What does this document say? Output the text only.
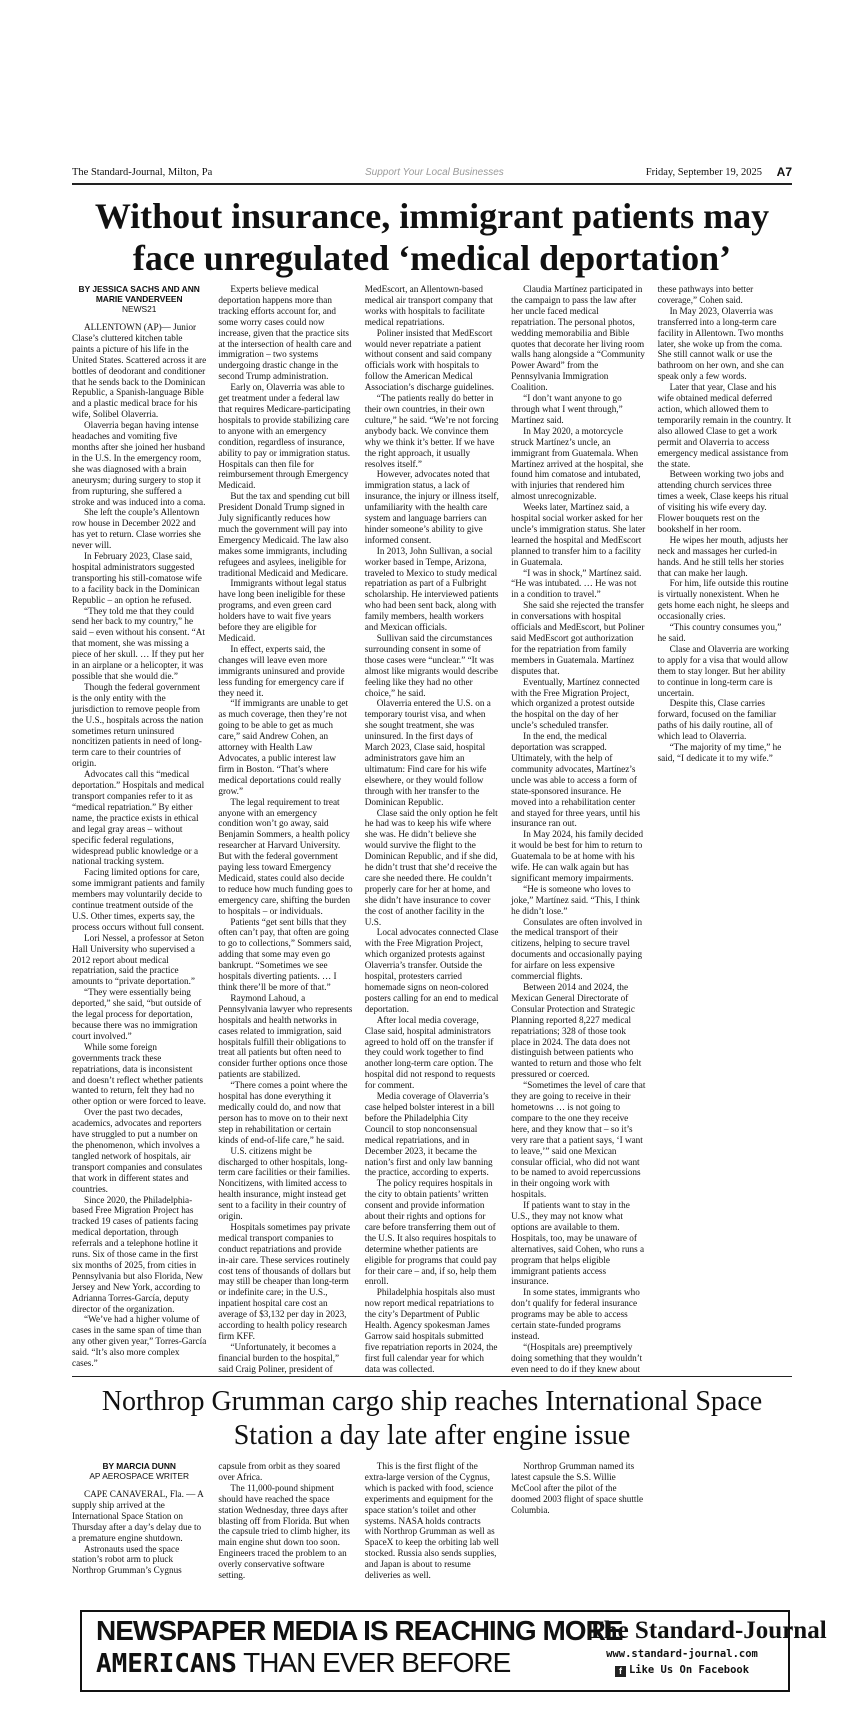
The Standard-Journal, Milton, Pa	Support Your Local Businesses	Friday, September 19, 2025 A7
Without insurance, immigrant patients may face unregulated ‘medical deportation’
BY JESSICA SACHS AND ANN MARIE VANDERVEEN
NEWS21

ALLENTOWN (AP)— Junior Clase’s cluttered kitchen table paints a picture of his life in the United States. Scattered across it are bottles of deodorant and conditioner that he sends back to the Dominican Republic, a Spanish-language Bible and a plastic medical brace for his wife, Solibel Olaverria.

Olaverria began having intense headaches and vomiting five months after she joined her husband in the U.S. In the emergency room, she was diagnosed with a brain aneurysm; during surgery to stop it from rupturing, she suffered a stroke and was induced into a coma.

She left the couple’s Allentown row house in December 2022 and has yet to return. Clase worries she never will.

In February 2023, Clase said, hospital administrators suggested transporting his still-comatose wife to a facility back in the Dominican Republic – an option he refused.

“They told me that they could send her back to my country,” he said – even without his consent. “At that moment, she was missing a piece of her skull. … If they put her in an airplane or a helicopter, it was possible that she would die.”

Though the federal government is the only entity with the jurisdiction to remove people from the U.S., hospitals across the nation sometimes return uninsured noncitizen patients in need of long-term care to their countries of origin.

Advocates call this “medical deportation.” Hospitals and medical transport companies refer to it as “medical repatriation.” By either name, the practice exists in ethical and legal gray areas – without specific federal regulations, widespread public knowledge or a national tracking system.

Facing limited options for care, some immigrant patients and family members may voluntarily decide to continue treatment outside of the U.S. Other times, experts say, the process occurs without full consent.

Lori Nessel, a professor at Seton Hall University who supervised a 2012 report about medical repatriation, said the practice amounts to “private deportation.”

“They were essentially being deported,” she said, “but outside of the legal process for deportation, because there was no immigration court involved.”

While some foreign governments track these repatriations, data is inconsistent and doesn’t reflect whether patients wanted to return, felt they had no other option or were forced to leave.

Over the past two decades, academics, advocates and reporters have struggled to put a number on the phenomenon, which involves a tangled network of hospitals, air transport companies and consulates that work in different states and countries.

Since 2020, the Philadelphia-based Free Migration Project has tracked 19 cases of patients facing medical deportation, through referrals and a telephone hotline it runs. Six of those came in the first six months of 2025, from cities in Pennsylvania but also Florida, New Jersey and New York, according to Adrianna Torres-García, deputy director of the organization.

“We’ve had a higher volume of cases in the same span of time than any other given year,” Torres-García said. “It’s also more complex cases.”

Experts believe medical deportation happens more than tracking efforts account for, and some worry cases could now increase, given that the practice sits at the intersection of health care and immigration – two systems undergoing drastic change in the second Trump administration.

Early on, Olaverria was able to get treatment under a federal law that requires Medicare-participating hospitals to provide stabilizing care to anyone with an emergency condition, regardless of insurance, ability to pay or immigration status. Hospitals can then file for reimbursement through Emergency Medicaid.

But the tax and spending cut bill President Donald Trump signed in July significantly reduces how much the government will pay into Emergency Medicaid. The law also makes some immigrants, including refugees and asylees, ineligible for traditional Medicaid and Medicare.

Immigrants without legal status have long been ineligible for these programs, and even green card holders have to wait five years before they are eligible for Medicaid.

In effect, experts said, the changes will leave even more immigrants uninsured and provide less funding for emergency care if they need it.

“If immigrants are unable to get as much coverage, then they’re not going to be able to get as much care,” said Andrew Cohen, an attorney with Health Law Advocates, a public interest law firm in Boston. “That’s where medical deportations could really grow.”

The legal requirement to treat anyone with an emergency condition won’t go away, said Benjamin Sommers, a health policy researcher at Harvard University. But with the federal government paying less toward Emergency Medicaid, states could also decide to reduce how much funding goes to emergency care, shifting the burden to hospitals – or individuals.

Patients “get sent bills that they often can’t pay, that often are going to go to collections,” Sommers said, adding that some may even go bankrupt. “Sometimes we see hospitals diverting patients. … I think there’ll be more of that.”

Raymond Lahoud, a Pennsylvania lawyer who represents hospitals and health networks in cases related to immigration, said hospitals fulfill their obligations to treat all patients but often need to consider further options once those patients are stabilized.

“There comes a point where the hospital has done everything it medically could do, and now that person has to move on to their next step in rehabilitation or certain kinds of end-of-life care,” he said.

U.S. citizens might be discharged to other hospitals, long-term care facilities or their families. Noncitizens, with limited access to health insurance, might instead get sent to a facility in their country of origin.

Hospitals sometimes pay private medical transport companies to conduct repatriations and provide in-air care. These services routinely cost tens of thousands of dollars but may still be cheaper than long-term or indefinite care; in the U.S., inpatient hospital care cost an average of $3,132 per day in 2023, according to health policy research firm KFF.

“Unfortunately, it becomes a financial burden to the hospital,” said Craig Poliner, president of MedEscort, an Allentown-based medical air transport company that works with hospitals to facilitate medical repatriations.

Poliner insisted that MedEscort would never repatriate a patient without consent and said company officials work with hospitals to follow the American Medical Association’s discharge guidelines.

“The patients really do better in their own countries, in their own culture,” he said. “We’re not forcing anybody back. We convince them why we think it’s better. If we have the right approach, it usually resolves itself.”

However, advocates noted that immigration status, a lack of insurance, the injury or illness itself, unfamiliarity with the health care system and language barriers can hinder someone’s ability to give informed consent.

In 2013, John Sullivan, a social worker based in Tempe, Arizona, traveled to Mexico to study medical repatriation as part of a Fulbright scholarship. He interviewed patients who had been sent back, along with family members, health workers and Mexican officials.

Sullivan said the circumstances surrounding consent in some of those cases were “unclear.” “It was almost like migrants would describe feeling like they had no other choice,” he said.

Olaverria entered the U.S. on a temporary tourist visa, and when she sought treatment, she was uninsured. In the first days of March 2023, Clase said, hospital administrators gave him an ultimatum: Find care for his wife elsewhere, or they would follow through with her transfer to the Dominican Republic.

Clase said the only option he felt he had was to keep his wife where she was. He didn’t believe she would survive the flight to the Dominican Republic, and if she did, he didn’t trust that she’d receive the care she needed there. He couldn’t properly care for her at home, and she didn’t have insurance to cover the cost of another facility in the U.S.

Local advocates connected Clase with the Free Migration Project, which organized protests against Olaverria’s transfer. Outside the hospital, protesters carried homemade signs on neon-colored posters calling for an end to medical deportation.

After local media coverage, Clase said, hospital administrators agreed to hold off on the transfer if they could work together to find another long-term care option. The hospital did not respond to requests for comment.

Media coverage of Olaverria’s case helped bolster interest in a bill before the Philadelphia City Council to stop nonconsensual medical repatriations, and in December 2023, it became the nation’s first and only law banning the practice, according to experts.

The policy requires hospitals in the city to obtain patients’ written consent and provide information about their rights and options for care before transferring them out of the U.S. It also requires hospitals to determine whether patients are eligible for programs that could pay for their care – and, if so, help them enroll.

Philadelphia hospitals also must now report medical repatriations to the city’s Department of Public Health. Agency spokesman James Garrow said hospitals submitted five repatriation reports in 2024, the first full calendar year for which data was collected.

Claudia Martínez participated in the campaign to pass the law after her uncle faced medical repatriation. The personal photos, wedding memorabilia and Bible quotes that decorate her living room walls hang alongside a “Community Power Award” from the Pennsylvania Immigration Coalition.

“I don’t want anyone to go through what I went through,” Martínez said.

In May 2020, a motorcycle struck Martínez’s uncle, an immigrant from Guatemala. When Martínez arrived at the hospital, she found him comatose and intubated, with injuries that rendered him almost unrecognizable.

Weeks later, Martínez said, a hospital social worker asked for her uncle’s immigration status. She later learned the hospital and MedEscort planned to transfer him to a facility in Guatemala.

“I was in shock,” Martínez said. “He was intubated. … He was not in a condition to travel.”

She said she rejected the transfer in conversations with hospital officials and MedEscort, but Poliner said MedEscort got authorization for the repatriation from family members in Guatemala. Martínez disputes that.

Eventually, Martínez connected with the Free Migration Project, which organized a protest outside the hospital on the day of her uncle’s scheduled transfer.

In the end, the medical deportation was scrapped. Ultimately, with the help of community advocates, Martínez’s uncle was able to access a form of state-sponsored insurance. He moved into a rehabilitation center and stayed for three years, until his insurance ran out.

In May 2024, his family decided it would be best for him to return to Guatemala to be at home with his wife. He can walk again but has significant memory impairments.

“He is someone who loves to joke,” Martínez said. “This, I think he didn’t lose.”

Consulates are often involved in the medical transport of their citizens, helping to secure travel documents and occasionally paying for airfare on less expensive commercial flights.

Between 2014 and 2024, the Mexican General Directorate of Consular Protection and Strategic Planning reported 8,227 medical repatriations; 328 of those took place in 2024. The data does not distinguish between patients who wanted to return and those who felt pressured or coerced.

“Sometimes the level of care that they are going to receive in their hometowns … is not going to compare to the one they receive here, and they know that – so it’s very rare that a patient says, ‘I want to leave,’” said one Mexican consular official, who did not want to be named to avoid repercussions in their ongoing work with hospitals.

If patients want to stay in the U.S., they may not know what options are available to them. Hospitals, too, may be unaware of alternatives, said Cohen, who runs a program that helps eligible immigrant patients access insurance.

In some states, immigrants who don’t qualify for federal insurance programs may be able to access certain state-funded programs instead.

“(Hospitals are) preemptively doing something that they wouldn’t even need to do if they knew about these pathways into better coverage,” Cohen said.

In May 2023, Olaverria was transferred into a long-term care facility in Allentown. Two months later, she woke up from the coma. She still cannot walk or use the bathroom on her own, and she can speak only a few words.

Later that year, Clase and his wife obtained medical deferred action, which allowed them to temporarily remain in the country. It also allowed Clase to get a work permit and Olaverria to access emergency medical assistance from the state.

Between working two jobs and attending church services three times a week, Clase keeps his ritual of visiting his wife every day. Flower bouquets rest on the bookshelf in her room.

He wipes her mouth, adjusts her neck and massages her curled-in hands. And he still tells her stories that can make her laugh.

For him, life outside this routine is virtually nonexistent. When he gets home each night, he sleeps and occasionally cries.

“This country consumes you,” he said.

Clase and Olaverria are working to apply for a visa that would allow them to stay longer. But her ability to continue in long-term care is uncertain.

Despite this, Clase carries forward, focused on the familiar paths of his daily routine, all of which lead to Olaverria.

“The majority of my time,” he said, “I dedicate it to my wife.”

Northrop Grumman cargo ship reaches International Space Station a day late after engine issue
BY MARCIA DUNN
AP AEROSPACE WRITER

CAPE CANAVERAL, Fla. — A supply ship arrived at the International Space Station on Thursday after a day’s delay due to a premature engine shutdown.

Astronauts used the space station’s robot arm to pluck Northrop Grumman’s Cygnus capsule from orbit as they soared over Africa.

The 11,000-pound shipment should have reached the space station Wednesday, three days after blasting off from Florida. But when the capsule tried to climb higher, its main engine shut down too soon. Engineers traced the problem to an overly conservative software setting.

This is the first flight of the extra-large version of the Cygnus, which is packed with food, science experiments and equipment for the space station’s toilet and other systems. NASA holds contracts with Northrop Grumman as well as SpaceX to keep the orbiting lab well stocked. Russia also sends supplies, and Japan is about to resume deliveries as well.

Northrop Grumman named its latest capsule the S.S. Willie McCool after the pilot of the doomed 2003 flight of space shuttle Columbia.

NEWSPAPER MEDIA IS REACHING MORE
AMERICANS THAN EVER BEFORE
The Standard-Journal
www.standard-journal.com
f Like Us On Facebook
